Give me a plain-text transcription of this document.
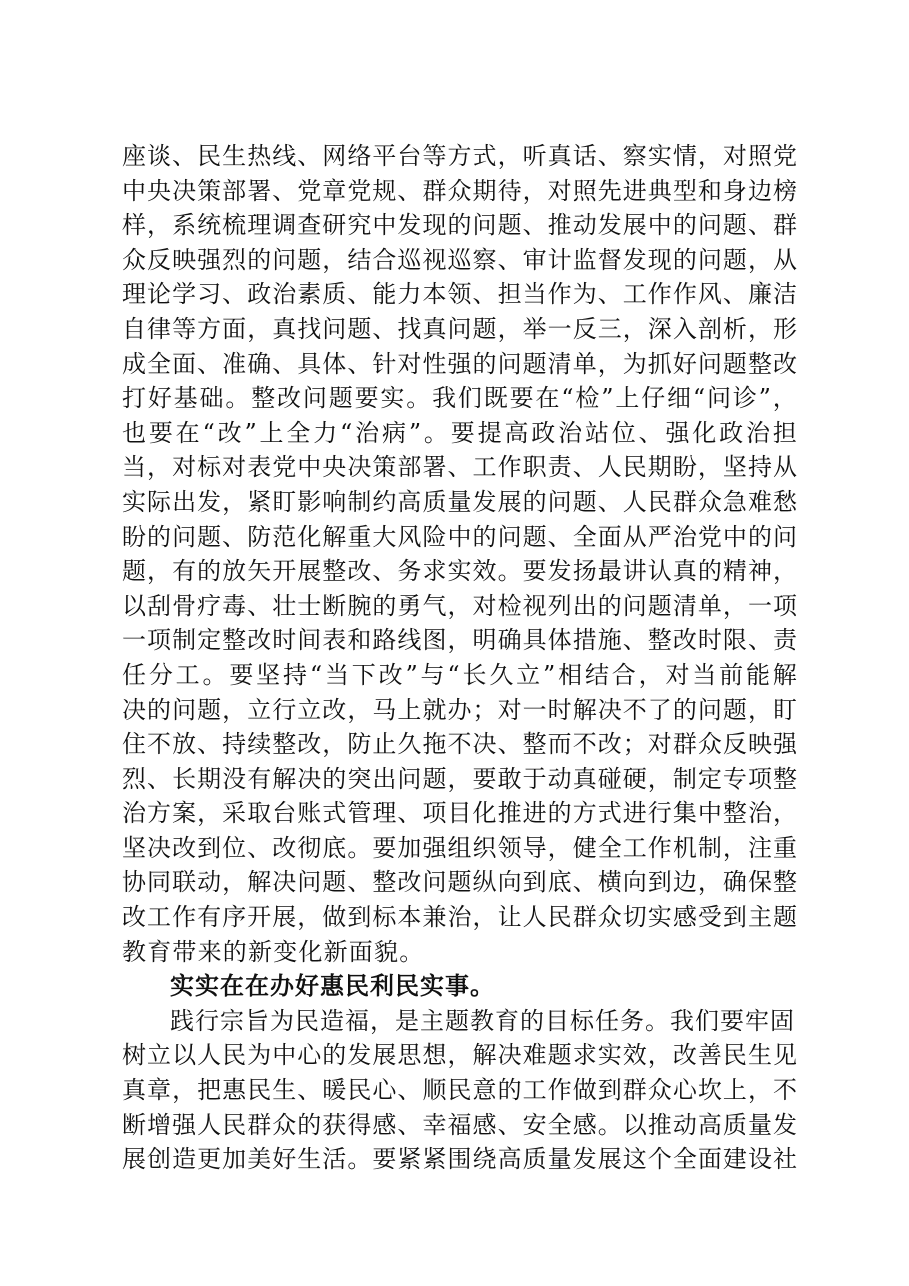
座谈、民生热线、网络平台等方式，听真话、察实情，对照党
中央决策部署、党章党规、群众期待，对照先进典型和身边榜
样，系统梳理调查研究中发现的问题、推动发展中的问题、群
众反映强烈的问题，结合巡视巡察、审计监督发现的问题，从
理论学习、政治素质、能力本领、担当作为、工作作风、廉洁
自律等方面，真找问题、找真问题，举一反三，深入剖析，形
成全面、准确、具体、针对性强的问题清单，为抓好问题整改
打好基础。整改问题要实。我们既要在“检”上仔细“问诊”，
也要在“改”上全力“治病”。要提高政治站位、强化政治担
当，对标对表党中央决策部署、工作职责、人民期盼，坚持从
实际出发，紧盯影响制约高质量发展的问题、人民群众急难愁
盼的问题、防范化解重大风险中的问题、全面从严治党中的问
题，有的放矢开展整改、务求实效。要发扬最讲认真的精神，
以刮骨疗毒、壮士断腕的勇气，对检视列出的问题清单，一项
一项制定整改时间表和路线图，明确具体措施、整改时限、责
任分工。要坚持“当下改”与“长久立”相结合，对当前能解
决的问题，立行立改，马上就办；对一时解决不了的问题，盯
住不放、持续整改，防止久拖不决、整而不改；对群众反映强
烈、长期没有解决的突出问题，要敢于动真碰硬，制定专项整
治方案，采取台账式管理、项目化推进的方式进行集中整治，
坚决改到位、改彻底。要加强组织领导，健全工作机制，注重
协同联动，解决问题、整改问题纵向到底、横向到边，确保整
改工作有序开展，做到标本兼治，让人民群众切实感受到主题
教育带来的新变化新面貌。
实实在在办好惠民利民实事。
践行宗旨为民造福，是主题教育的目标任务。我们要牢固
树立以人民为中心的发展思想，解决难题求实效，改善民生见
真章，把惠民生、暖民心、顺民意的工作做到群众心坎上，不
断增强人民群众的获得感、幸福感、安全感。以推动高质量发
展创造更加美好生活。要紧紧围绕高质量发展这个全面建设社
